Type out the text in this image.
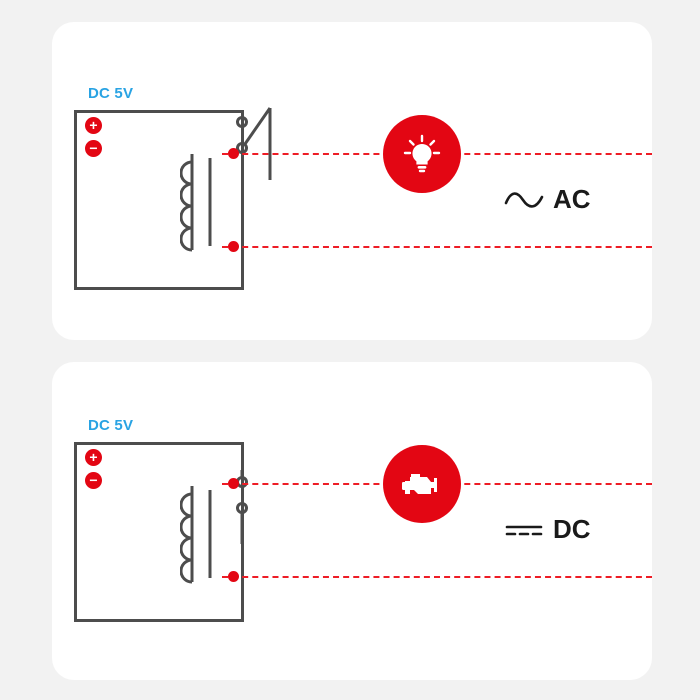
DC 5V
+
−
AC
DC 5V
+
−
DC
